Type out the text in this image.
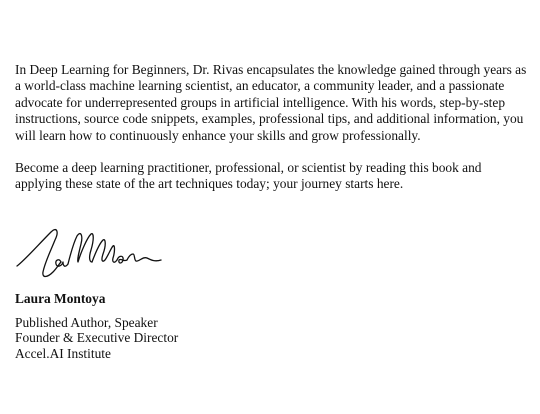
In Deep Learning for Beginners, Dr. Rivas encapsulates the knowledge gained through years as a world-class machine learning scientist, an educator, a community leader, and a passionate advocate for underrepresented groups in artificial intelligence. With his words, step-by-step instructions, source code snippets, examples, professional tips, and additional information, you will learn how to continuously enhance your skills and grow professionally.

Become a deep learning practitioner, professional, or scientist by reading this book and applying these state of the art techniques today; your journey starts here.

Laura Montoya

Published Author, Speaker
Founder & Executive Director
Accel.AI Institute
